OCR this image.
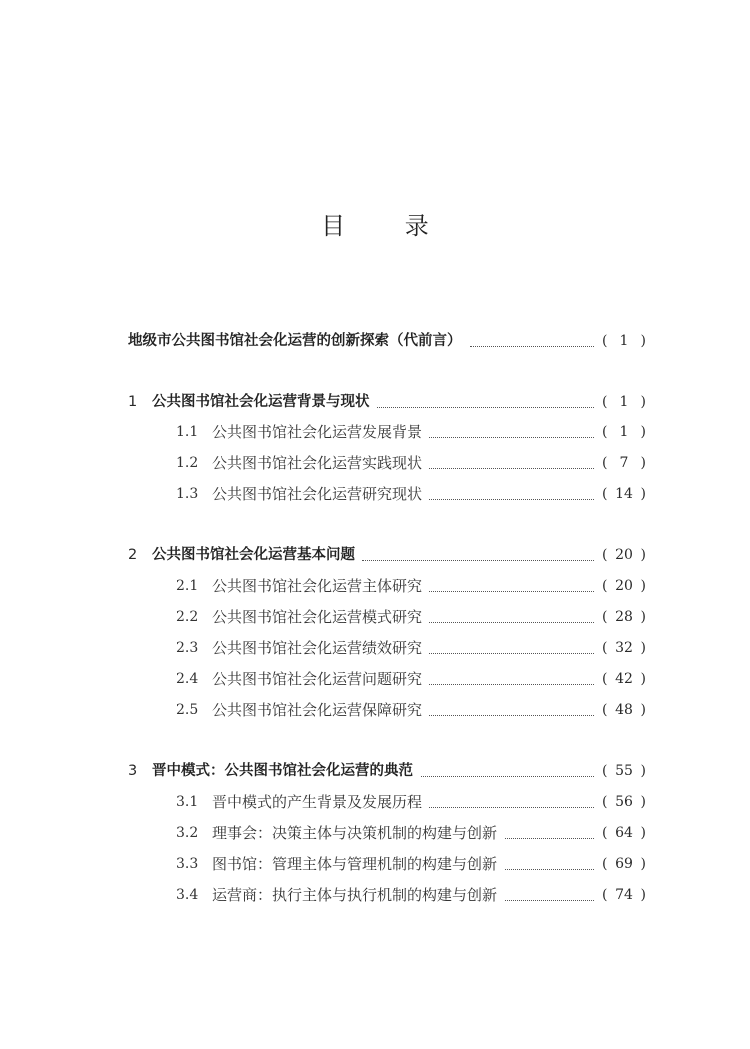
目 录
地级市公共图书馆社会化运营的创新探索（代前言）	( 1 )
1 公共图书馆社会化运营背景与现状	( 1 )
1.1 公共图书馆社会化运营发展背景	( 1 )
1.2 公共图书馆社会化运营实践现状	( 7 )
1.3 公共图书馆社会化运营研究现状	( 14 )
2 公共图书馆社会化运营基本问题	( 20 )
2.1 公共图书馆社会化运营主体研究	( 20 )
2.2 公共图书馆社会化运营模式研究	( 28 )
2.3 公共图书馆社会化运营绩效研究	( 32 )
2.4 公共图书馆社会化运营问题研究	( 42 )
2.5 公共图书馆社会化运营保障研究	( 48 )
3 晋中模式：公共图书馆社会化运营的典范	( 55 )
3.1 晋中模式的产生背景及发展历程	( 56 )
3.2 理事会：决策主体与决策机制的构建与创新	( 64 )
3.3 图书馆：管理主体与管理机制的构建与创新	( 69 )
3.4 运营商：执行主体与执行机制的构建与创新	( 74 )
